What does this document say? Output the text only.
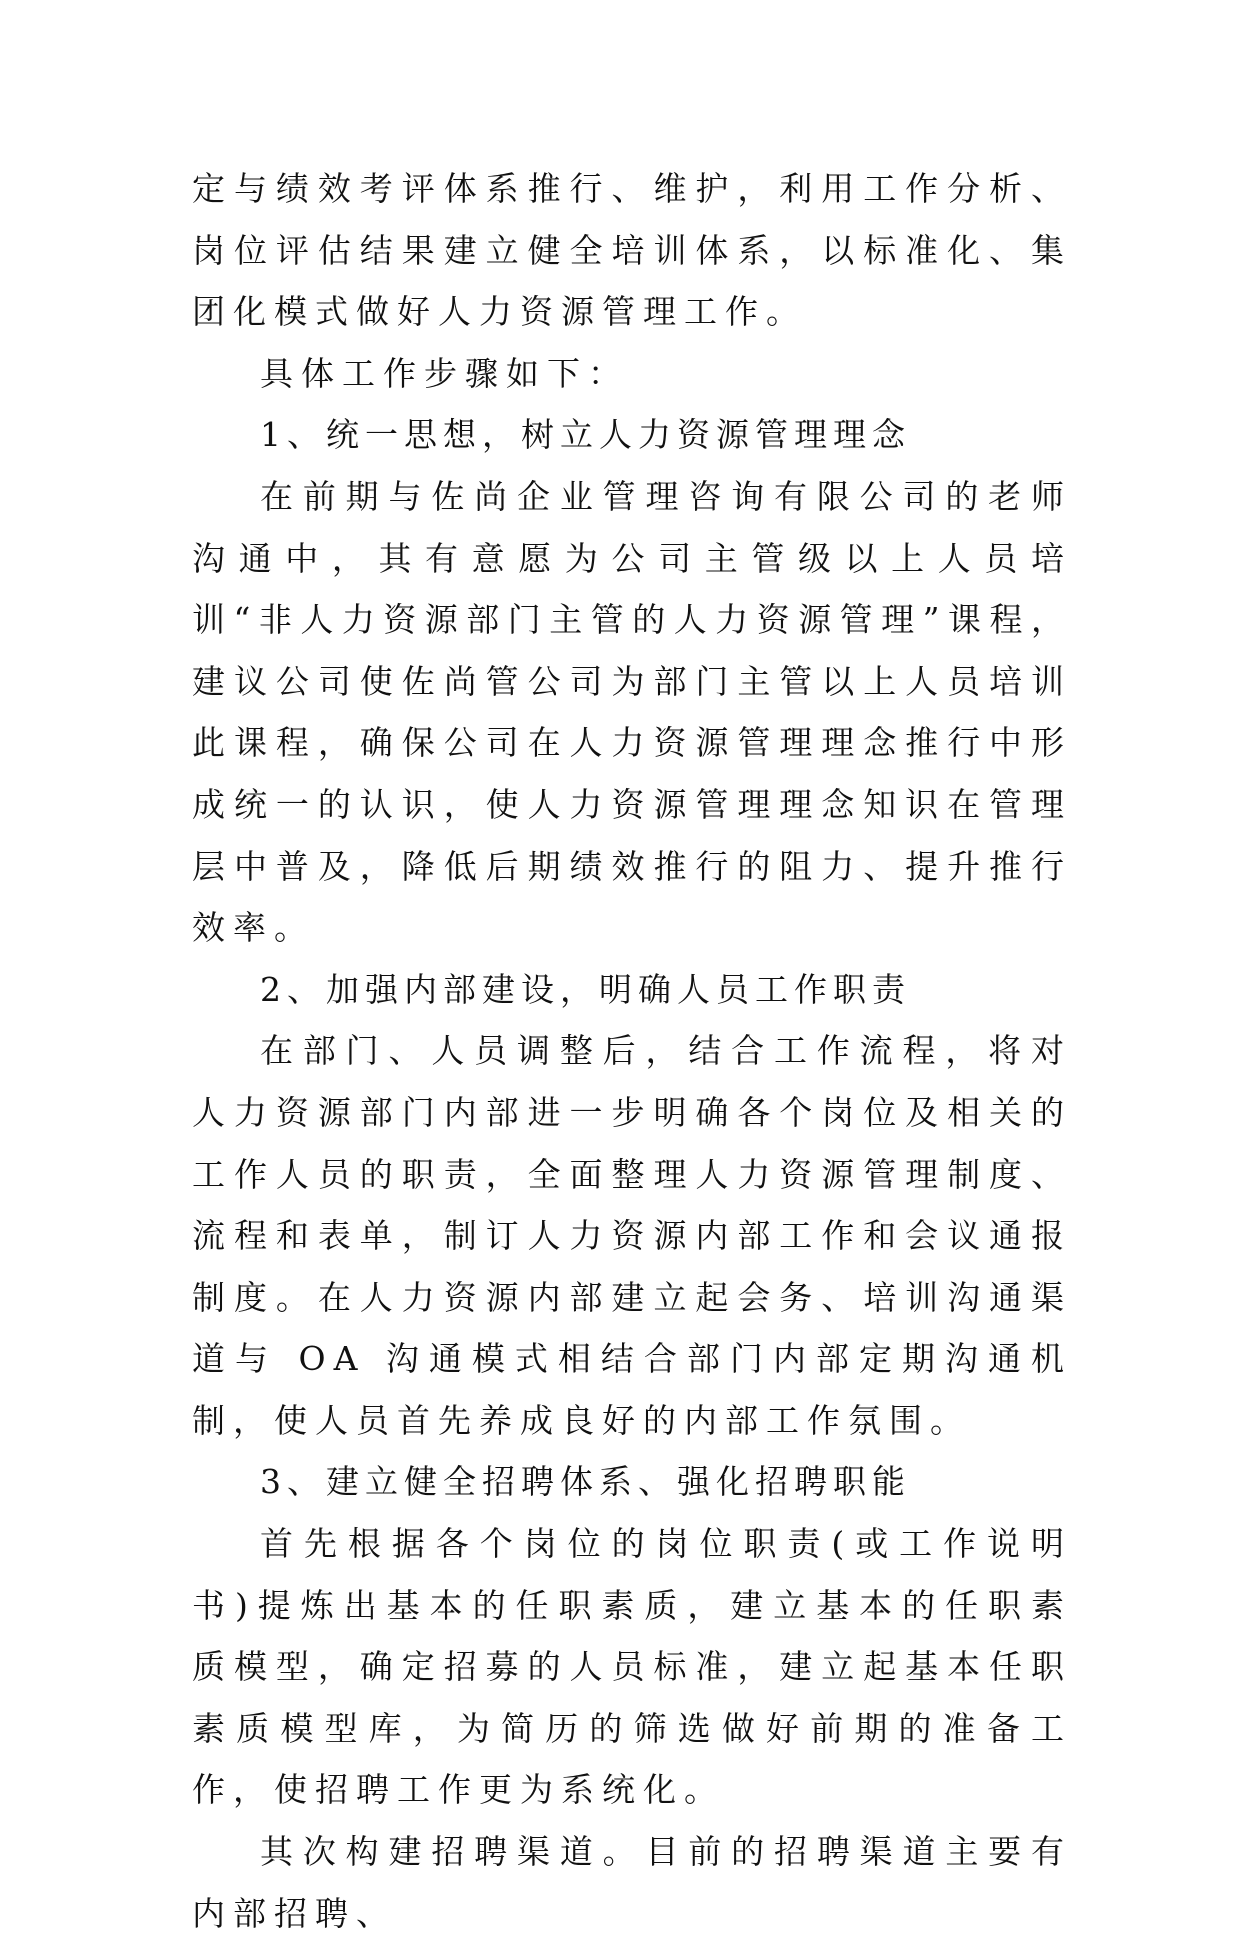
定与绩效考评体系推行、维护，利用工作分析、岗位评估结果建立健全培训体系，以标准化、集团化模式做好人力资源管理工作。

具体工作步骤如下：

1、统一思想，树立人力资源管理理念

在前期与佐尚企业管理咨询有限公司的老师沟通中，其有意愿为公司主管级以上人员培训“非人力资源部门主管的人力资源管理”课程，建议公司使佐尚管公司为部门主管以上人员培训此课程，确保公司在人力资源管理理念推行中形成统一的认识，使人力资源管理理念知识在管理层中普及，降低后期绩效推行的阻力、提升推行效率。

2、加强内部建设，明确人员工作职责

在部门、人员调整后，结合工作流程，将对人力资源部门内部进一步明确各个岗位及相关的工作人员的职责，全面整理人力资源管理制度、流程和表单，制订人力资源内部工作和会议通报制度。在人力资源内部建立起会务、培训沟通渠道与 OA 沟通模式相结合部门内部定期沟通机制，使人员首先养成良好的内部工作氛围。

3、建立健全招聘体系、强化招聘职能

首先根据各个岗位的岗位职责(或工作说明书)提炼出基本的任职素质，建立基本的任职素质模型，确定招募的人员标准，建立起基本任职素质模型库，为简历的筛选做好前期的准备工作，使招聘工作更为系统化。

其次构建招聘渠道。目前的招聘渠道主要有内部招聘、
